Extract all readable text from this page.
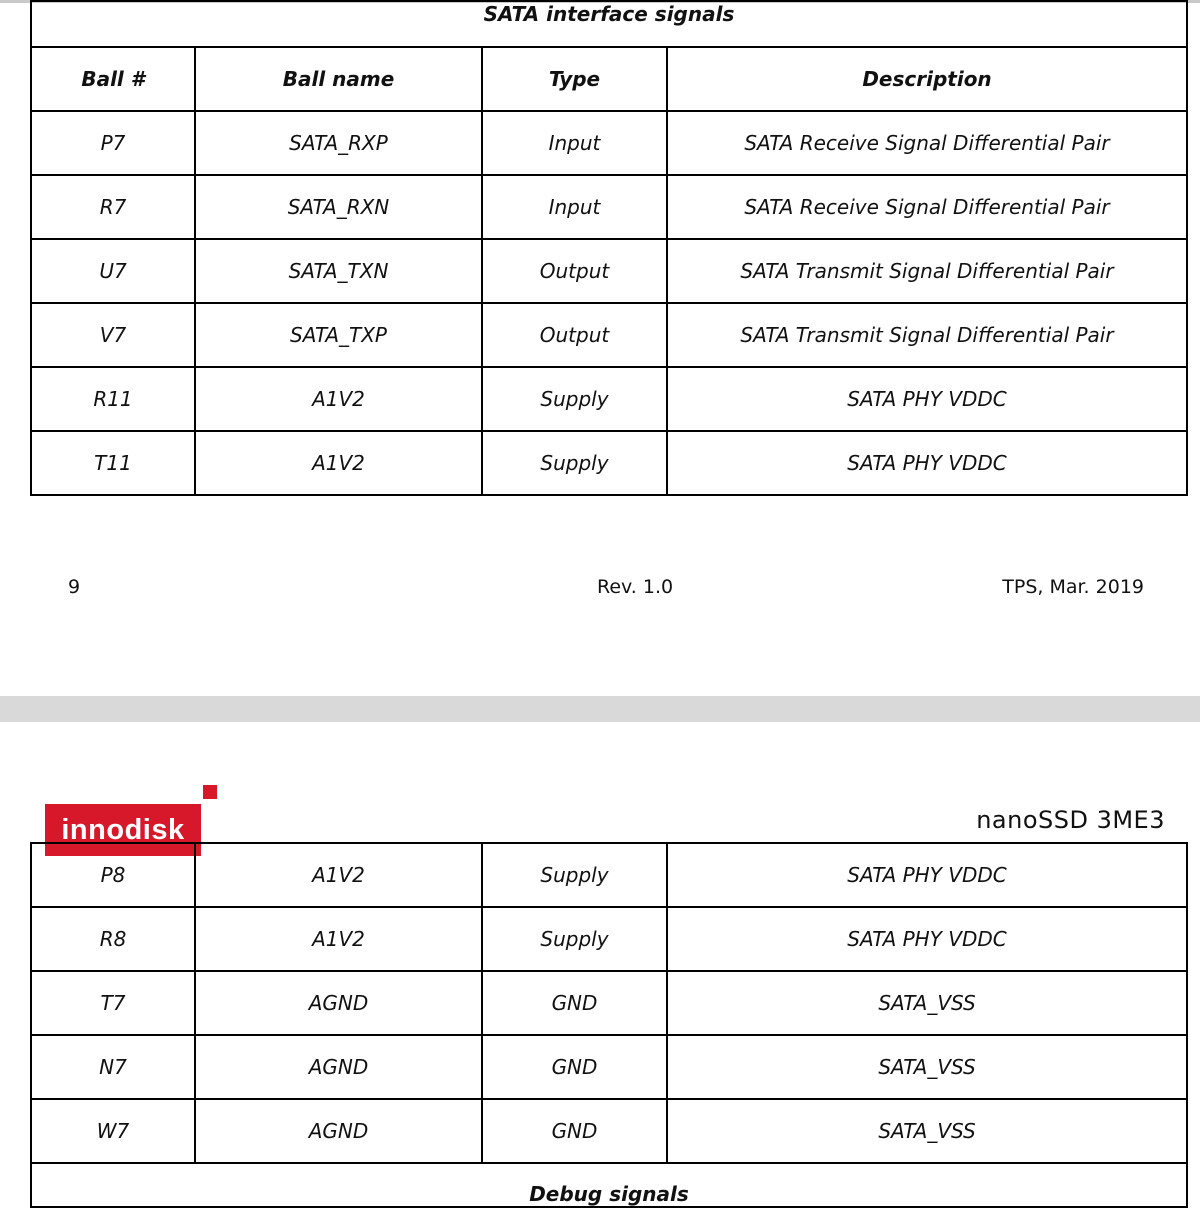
SATA interface signals			
Ball #	Ball name	Type	Description
P7	SATA_RXP	Input	SATA Receive Signal Differential Pair
R7	SATA_RXN	Input	SATA Receive Signal Differential Pair
U7	SATA_TXN	Output	SATA Transmit Signal Differential Pair
V7	SATA_TXP	Output	SATA Transmit Signal Differential Pair
R11	A1V2	Supply	SATA PHY VDDC
T11	A1V2	Supply	SATA PHY VDDC
9	Rev. 1.0	TPS, Mar. 2019
innodisk	nanoSSD 3ME3
P8	A1V2	Supply	SATA PHY VDDC
R8	A1V2	Supply	SATA PHY VDDC
T7	AGND	GND	SATA_VSS
N7	AGND	GND	SATA_VSS
W7	AGND	GND	SATA_VSS

Debug signals			
